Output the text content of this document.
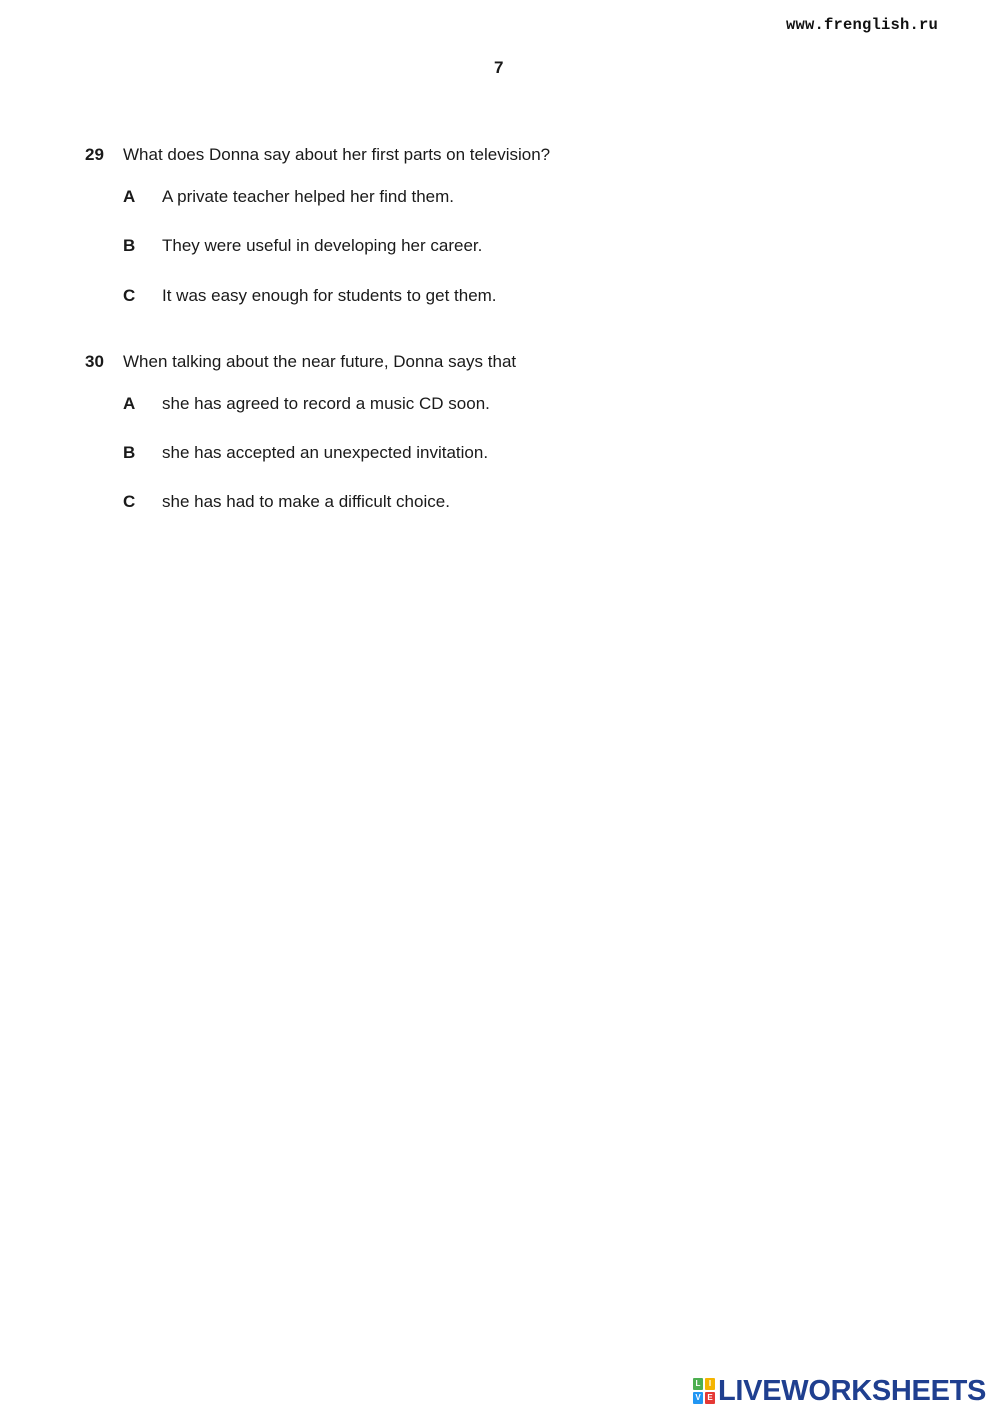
www.frenglish.ru
7
29 What does Donna say about her first parts on television?
A A private teacher helped her find them.
B They were useful in developing her career.
C It was easy enough for students to get them.
30 When talking about the near future, Donna says that
A she has agreed to record a music CD soon.
B she has accepted an unexpected invitation.
C she has had to make a difficult choice.
L	I
V E LIVEWORKSHEETS
